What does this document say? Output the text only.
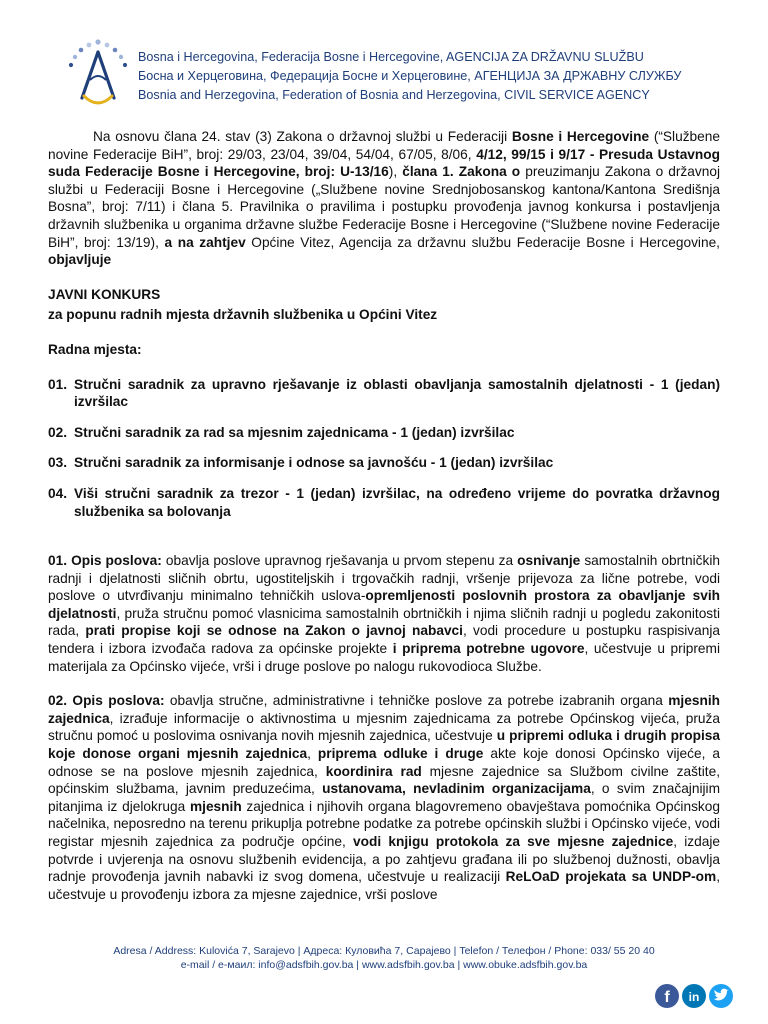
Bosna i Hercegovina, Federacija Bosne i Hercegovine, AGENCIJA ZA DRŽAVNU SLUŽBU
Босна и Херцеговина, Федерација Босне и Херцеговине, АГЕНЦИЈА ЗА ДРЖАВНУ СЛУЖБУ
Bosnia and Herzegovina, Federation of Bosnia and Herzegovina, CIVIL SERVICE AGENCY

Na osnovu člana 24. stav (3) Zakona o državnoj službi u Federaciji Bosne i Hercegovine (“Službene novine Federacije BiH”, broj: 29/03, 23/04, 39/04, 54/04, 67/05, 8/06, 4/12, 99/15 i 9/17 - Presuda Ustavnog suda Federacije Bosne i Hercegovine, broj: U-13/16), člana 1. Zakona o preuzimanju Zakona o državnoj službi u Federaciji Bosne i Hercegovine („Službene novine Srednjobosanskog kantona/Kantona Središnja Bosna”, broj: 7/11) i člana 5. Pravilnika o pravilima i postupku provođenja javnog konkursa i postavljenja državnih službenika u organima državne službe Federacije Bosne i Hercegovine (“Službene novine Federacije BiH”, broj: 13/19), a na zahtjev Općine Vitez, Agencija za državnu službu Federacije Bosne i Hercegovine, objavljuje

JAVNI KONKURS

za popunu radnih mjesta državnih službenika u Općini Vitez

Radna mjesta:

01. Stručni saradnik za upravno rješavanje iz oblasti obavljanja samostalnih djelatnosti - 1 (jedan) izvršilac
02. Stručni saradnik za rad sa mjesnim zajednicama - 1 (jedan) izvršilac
03. Stručni saradnik za informisanje i odnose sa javnošću - 1 (jedan) izvršilac
04. Viši stručni saradnik za trezor - 1 (jedan) izvršilac, na određeno vrijeme do povratka državnog službenika sa bolovanja

01. Opis poslova: obavlja poslove upravnog rješavanja u prvom stepenu za osnivanje samostalnih obrtničkih radnji i djelatnosti sličnih obrtu, ugostiteljskih i trgovačkih radnji, vršenje prijevoza za lične potrebe, vodi poslove o utvrđivanju minimalno tehničkih uslova-opremljenosti poslovnih prostora za obavljanje svih djelatnosti, pruža stručnu pomoć vlasnicima samostalnih obrtničkih i njima sličnih radnji u pogledu zakonitosti rada, prati propise koji se odnose na Zakon o javnoj nabavci, vodi procedure u postupku raspisivanja tendera i izbora izvođača radova za općinske projekte i priprema potrebne ugovore, učestvuje u pripremi materijala za Općinsko vijeće, vrši i druge poslove po nalogu rukovodioca Službe.

02. Opis poslova: obavlja stručne, administrativne i tehničke poslove za potrebe izabranih organa mjesnih zajednica, izrađuje informacije o aktivnostima u mjesnim zajednicama za potrebe Općinskog vijeća, pruža stručnu pomoć u poslovima osnivanja novih mjesnih zajednica, učestvuje u pripremi odluka i drugih propisa koje donose organi mjesnih zajednica, priprema odluke i druge akte koje donosi Općinsko vijeće, a odnose se na poslove mjesnih zajednica, koordinira rad mjesne zajednice sa Službom civilne zaštite, općinskim službama, javnim preduzećima, ustanovama, nevladinim organizacijama, o svim značajnijim pitanjima iz djelokruga mjesnih zajednica i njihovih organa blagovremeno obavještava pomoćnika Općinskog načelnika, neposredno na terenu prikuplja potrebne podatke za potrebe općinskih službi i Općinsko vijeće, vodi registar mjesnih zajednica za područje općine, vodi knjigu protokola za sve mjesne zajednice, izdaje potvrde i uvjerenja na osnovu službenih evidencija, a po zahtjevu građana ili po službenoj dužnosti, obavlja radnje provođenja javnih nabavki iz svog domena, učestvuje u realizaciji ReLOaD projekata sa UNDP-om, učestvuje u provođenju izbora za mjesne zajednice, vrši poslove

Adresa / Address: Kulovića 7, Sarajevo | Адреса: Куловића 7, Сарајево | Telefon / Телефон / Phone: 033/ 55 20 40
e-mail / е-маил: info@adsfbih.gov.ba | www.adsfbih.gov.ba | www.obuke.adsfbih.gov.ba
f in
